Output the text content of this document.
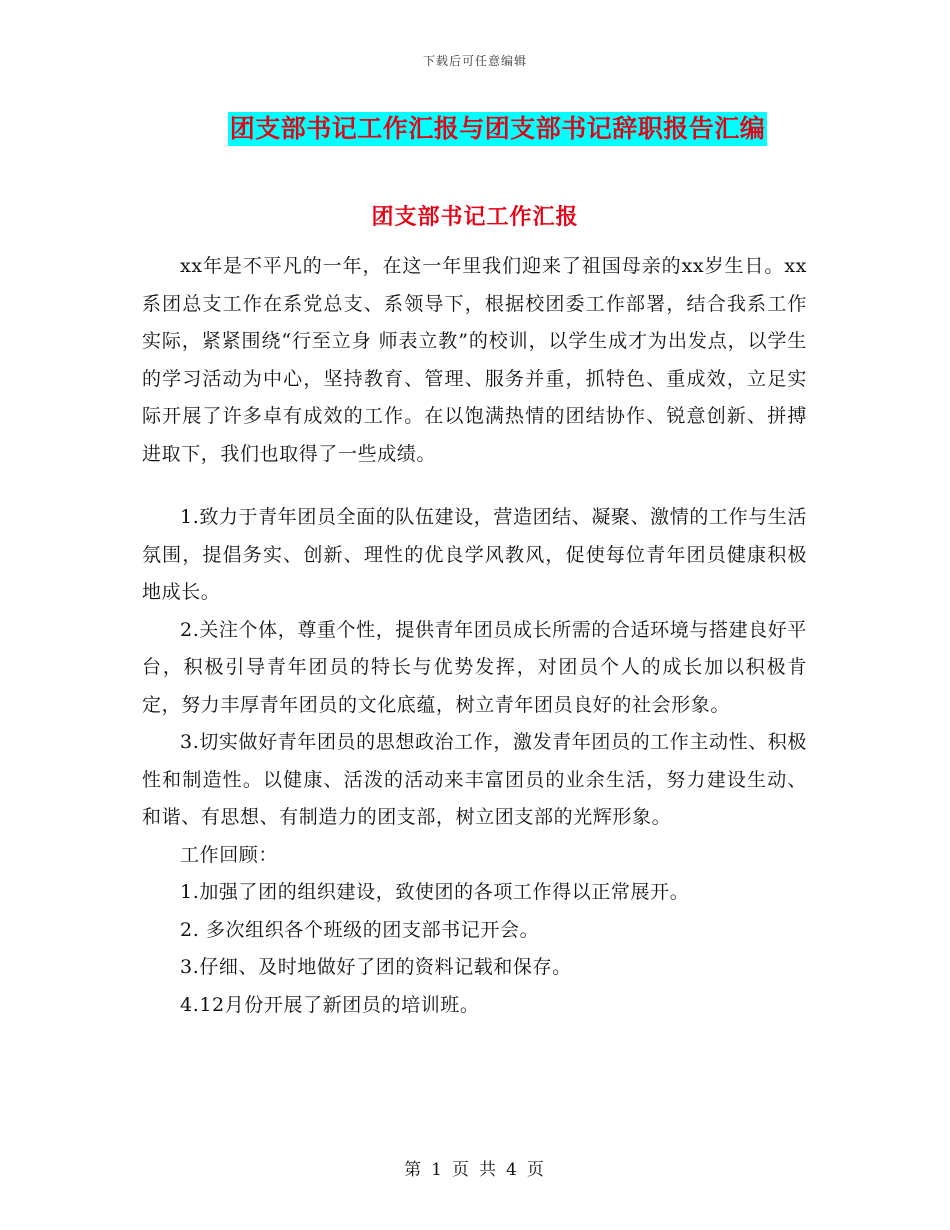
下载后可任意编辑
团支部书记工作汇报与团支部书记辞职报告汇编
团支部书记工作汇报

xx年是不平凡的一年，在这一年里我们迎来了祖国母亲的xx岁生日。xx系团总支工作在系党总支、系领导下，根据校团委工作部署，结合我系工作实际，紧紧围绕“行至立身 师表立教”的校训，以学生成才为出发点，以学生的学习活动为中心，坚持教育、管理、服务并重，抓特色、重成效，立足实际开展了许多卓有成效的工作。在以饱满热情的团结协作、锐意创新、拼搏进取下，我们也取得了一些成绩。

1.致力于青年团员全面的队伍建设，营造团结、凝聚、激情的工作与生活氛围，提倡务实、创新、理性的优良学风教风，促使每位青年团员健康积极地成长。

2.关注个体，尊重个性，提供青年团员成长所需的合适环境与搭建良好平台，积极引导青年团员的特长与优势发挥，对团员个人的成长加以积极肯定，努力丰厚青年团员的文化底蕴，树立青年团员良好的社会形象。

3.切实做好青年团员的思想政治工作，激发青年团员的工作主动性、积极性和制造性。以健康、活泼的活动来丰富团员的业余生活，努力建设生动、和谐、有思想、有制造力的团支部，树立团支部的光辉形象。

工作回顾：

1.加强了团的组织建设，致使团的各项工作得以正常展开。

2. 多次组织各个班级的团支部书记开会。

3.仔细、及时地做好了团的资料记载和保存。

4.12月份开展了新团员的培训班。

第 1 页 共 4 页
